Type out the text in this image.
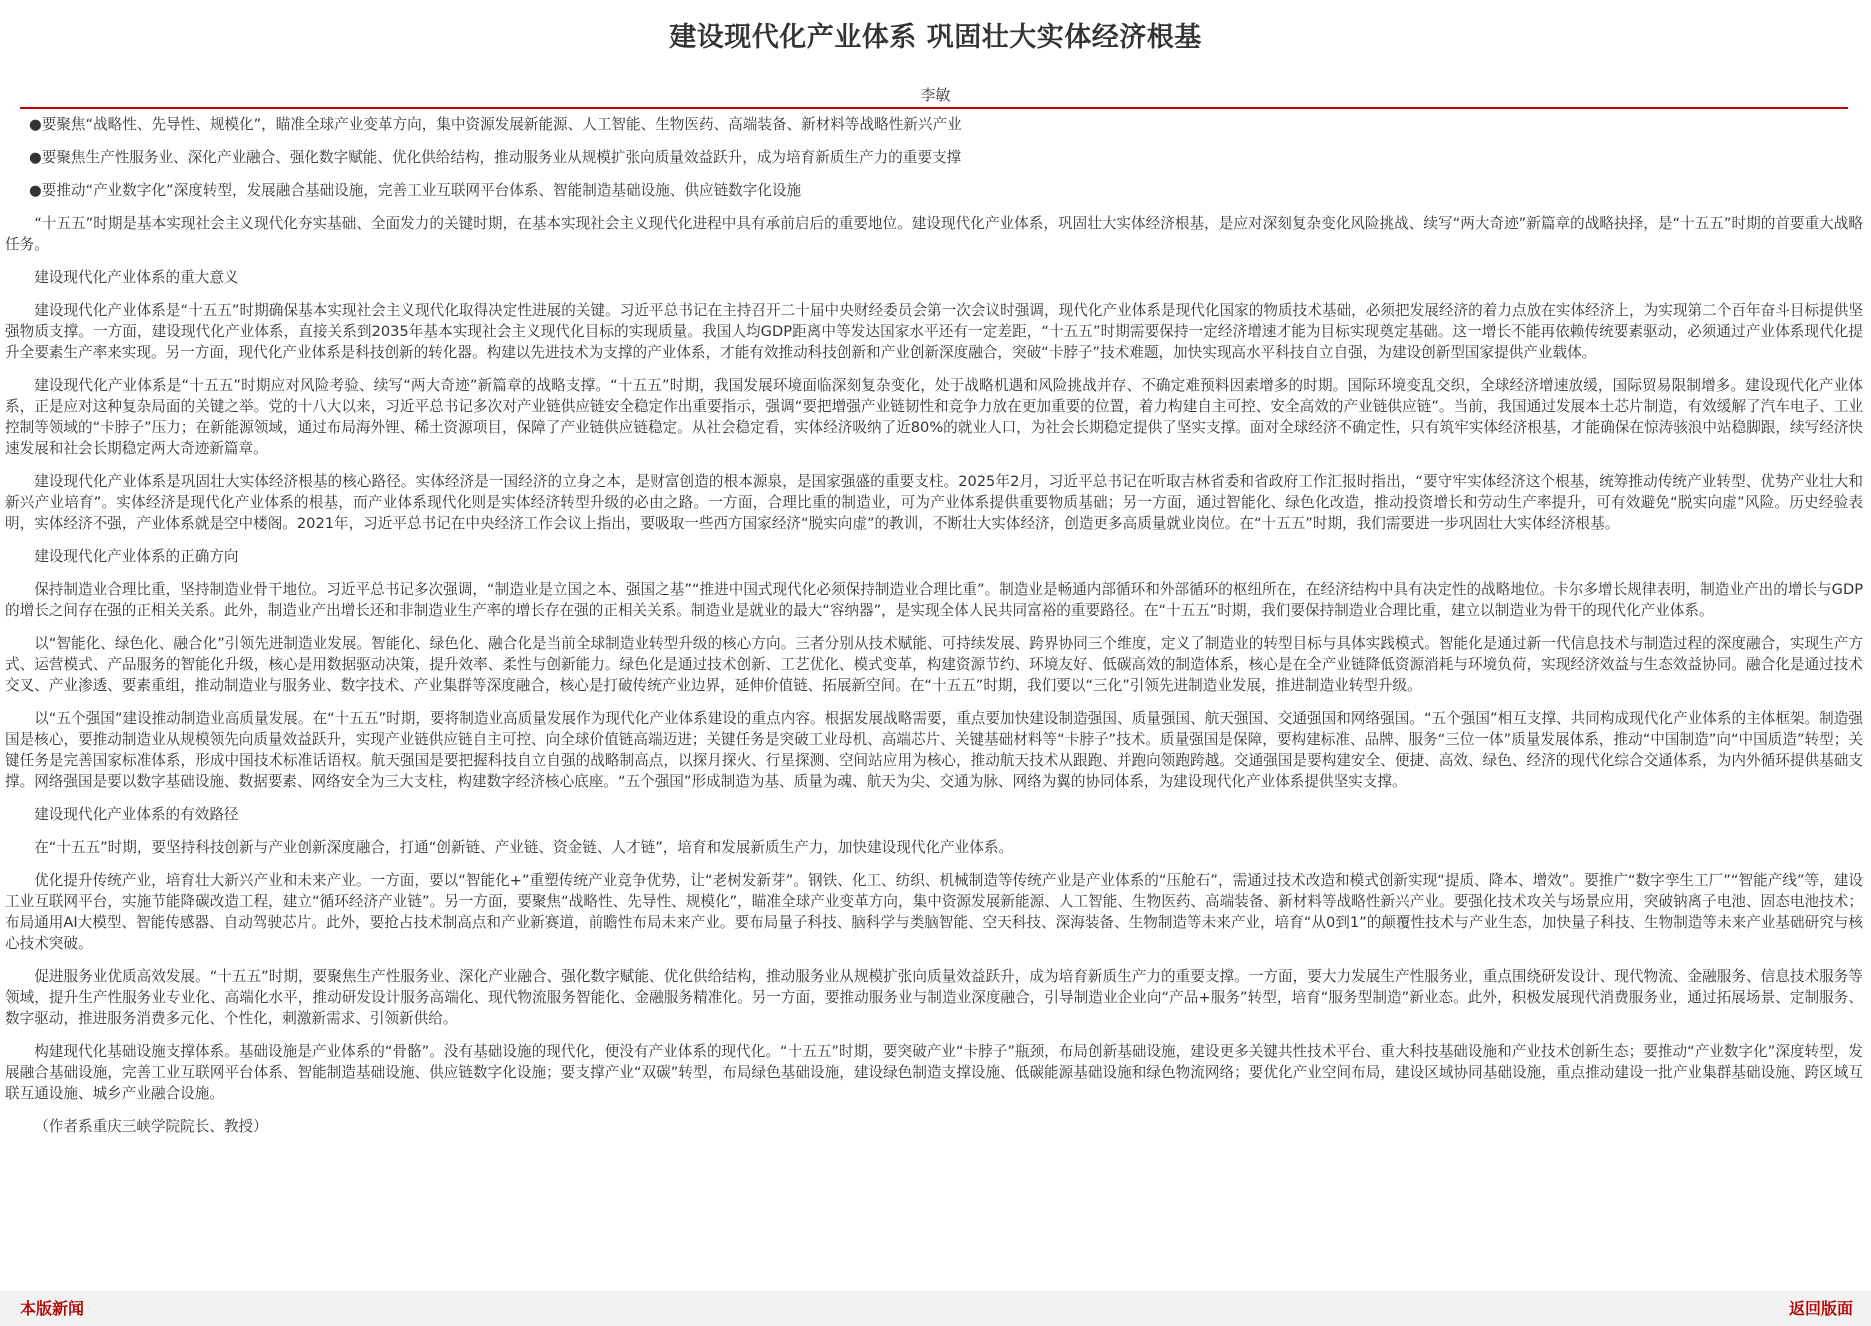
建设现代化产业体系 巩固壮大实体经济根基
李敏

●要聚焦“战略性、先导性、规模化”，瞄准全球产业变革方向，集中资源发展新能源、人工智能、生物医药、高端装备、新材料等战略性新兴产业

●要聚焦生产性服务业、深化产业融合、强化数字赋能、优化供给结构，推动服务业从规模扩张向质量效益跃升，成为培育新质生产力的重要支撑

●要推动“产业数字化”深度转型，发展融合基础设施，完善工业互联网平台体系、智能制造基础设施、供应链数字化设施

“十五五”时期是基本实现社会主义现代化夯实基础、全面发力的关键时期，在基本实现社会主义现代化进程中具有承前启后的重要地位。建设现代化产业体系，巩固壮大实体经济根基，是应对深刻复杂变化风险挑战、续写“两大奇迹”新篇章的战略抉择，是“十五五”时期的首要重大战略任务。

建设现代化产业体系的重大意义

建设现代化产业体系是“十五五”时期确保基本实现社会主义现代化取得决定性进展的关键。习近平总书记在主持召开二十届中央财经委员会第一次会议时强调，现代化产业体系是现代化国家的物质技术基础，必须把发展经济的着力点放在实体经济上，为实现第二个百年奋斗目标提供坚强物质支撑。一方面，建设现代化产业体系，直接关系到2035年基本实现社会主义现代化目标的实现质量。我国人均GDP距离中等发达国家水平还有一定差距，“十五五”时期需要保持一定经济增速才能为目标实现奠定基础。这一增长不能再依赖传统要素驱动，必须通过产业体系现代化提升全要素生产率来实现。另一方面，现代化产业体系是科技创新的转化器。构建以先进技术为支撑的产业体系，才能有效推动科技创新和产业创新深度融合，突破“卡脖子”技术难题，加快实现高水平科技自立自强，为建设创新型国家提供产业载体。

建设现代化产业体系是“十五五”时期应对风险考验、续写“两大奇迹”新篇章的战略支撑。“十五五”时期，我国发展环境面临深刻复杂变化，处于战略机遇和风险挑战并存、不确定难预料因素增多的时期。国际环境变乱交织，全球经济增速放缓，国际贸易限制增多。建设现代化产业体系，正是应对这种复杂局面的关键之举。党的十八大以来，习近平总书记多次对产业链供应链安全稳定作出重要指示，强调“要把增强产业链韧性和竞争力放在更加重要的位置，着力构建自主可控、安全高效的产业链供应链”。当前，我国通过发展本土芯片制造，有效缓解了汽车电子、工业控制等领域的“卡脖子”压力；在新能源领域，通过布局海外锂、稀土资源项目，保障了产业链供应链稳定。从社会稳定看，实体经济吸纳了近80%的就业人口，为社会长期稳定提供了坚实支撑。面对全球经济不确定性，只有筑牢实体经济根基，才能确保在惊涛骇浪中站稳脚跟，续写经济快速发展和社会长期稳定两大奇迹新篇章。

建设现代化产业体系是巩固壮大实体经济根基的核心路径。实体经济是一国经济的立身之本，是财富创造的根本源泉，是国家强盛的重要支柱。2025年2月，习近平总书记在听取吉林省委和省政府工作汇报时指出，“要守牢实体经济这个根基，统筹推动传统产业转型、优势产业壮大和新兴产业培育”。实体经济是现代化产业体系的根基，而产业体系现代化则是实体经济转型升级的必由之路。一方面，合理比重的制造业，可为产业体系提供重要物质基础；另一方面，通过智能化、绿色化改造，推动投资增长和劳动生产率提升，可有效避免“脱实向虚”风险。历史经验表明，实体经济不强，产业体系就是空中楼阁。2021年，习近平总书记在中央经济工作会议上指出，要吸取一些西方国家经济“脱实向虚”的教训，不断壮大实体经济，创造更多高质量就业岗位。在“十五五”时期，我们需要进一步巩固壮大实体经济根基。

建设现代化产业体系的正确方向

保持制造业合理比重，坚持制造业骨干地位。习近平总书记多次强调，“制造业是立国之本、强国之基”“推进中国式现代化必须保持制造业合理比重”。制造业是畅通内部循环和外部循环的枢纽所在，在经济结构中具有决定性的战略地位。卡尔多增长规律表明，制造业产出的增长与GDP的增长之间存在强的正相关关系。此外，制造业产出增长还和非制造业生产率的增长存在强的正相关关系。制造业是就业的最大“容纳器”，是实现全体人民共同富裕的重要路径。在“十五五”时期，我们要保持制造业合理比重，建立以制造业为骨干的现代化产业体系。

以“智能化、绿色化、融合化”引领先进制造业发展。智能化、绿色化、融合化是当前全球制造业转型升级的核心方向。三者分别从技术赋能、可持续发展、跨界协同三个维度，定义了制造业的转型目标与具体实践模式。智能化是通过新一代信息技术与制造过程的深度融合，实现生产方式、运营模式、产品服务的智能化升级，核心是用数据驱动决策，提升效率、柔性与创新能力。绿色化是通过技术创新、工艺优化、模式变革，构建资源节约、环境友好、低碳高效的制造体系，核心是在全产业链降低资源消耗与环境负荷，实现经济效益与生态效益协同。融合化是通过技术交叉、产业渗透、要素重组，推动制造业与服务业、数字技术、产业集群等深度融合，核心是打破传统产业边界，延伸价值链、拓展新空间。在“十五五”时期，我们要以“三化”引领先进制造业发展，推进制造业转型升级。

以“五个强国”建设推动制造业高质量发展。在“十五五”时期，要将制造业高质量发展作为现代化产业体系建设的重点内容。根据发展战略需要，重点要加快建设制造强国、质量强国、航天强国、交通强国和网络强国。“五个强国”相互支撑、共同构成现代化产业体系的主体框架。制造强国是核心，要推动制造业从规模领先向质量效益跃升，实现产业链供应链自主可控、向全球价值链高端迈进；关键任务是突破工业母机、高端芯片、关键基础材料等“卡脖子”技术。质量强国是保障，要构建标准、品牌、服务“三位一体”质量发展体系，推动“中国制造”向“中国质造”转型；关键任务是完善国家标准体系，形成中国技术标准话语权。航天强国是要把握科技自立自强的战略制高点，以探月探火、行星探测、空间站应用为核心，推动航天技术从跟跑、并跑向领跑跨越。交通强国是要构建安全、便捷、高效、绿色、经济的现代化综合交通体系，为内外循环提供基础支撑。网络强国是要以数字基础设施、数据要素、网络安全为三大支柱，构建数字经济核心底座。“五个强国”形成制造为基、质量为魂、航天为尖、交通为脉、网络为翼的协同体系，为建设现代化产业体系提供坚实支撑。

建设现代化产业体系的有效路径

在“十五五”时期，要坚持科技创新与产业创新深度融合，打通“创新链、产业链、资金链、人才链”，培育和发展新质生产力，加快建设现代化产业体系。

优化提升传统产业，培育壮大新兴产业和未来产业。一方面，要以“智能化+”重塑传统产业竞争优势，让“老树发新芽”。钢铁、化工、纺织、机械制造等传统产业是产业体系的“压舱石”，需通过技术改造和模式创新实现“提质、降本、增效”。要推广“数字孪生工厂”“智能产线”等，建设工业互联网平台，实施节能降碳改造工程，建立“循环经济产业链”。另一方面，要聚焦“战略性、先导性、规模化”，瞄准全球产业变革方向，集中资源发展新能源、人工智能、生物医药、高端装备、新材料等战略性新兴产业。要强化技术攻关与场景应用，突破钠离子电池、固态电池技术；布局通用AI大模型、智能传感器、自动驾驶芯片。此外，要抢占技术制高点和产业新赛道，前瞻性布局未来产业。要布局量子科技、脑科学与类脑智能、空天科技、深海装备、生物制造等未来产业，培育“从0到1”的颠覆性技术与产业生态，加快量子科技、生物制造等未来产业基础研究与核心技术突破。

促进服务业优质高效发展。“十五五”时期，要聚焦生产性服务业、深化产业融合、强化数字赋能、优化供给结构，推动服务业从规模扩张向质量效益跃升，成为培育新质生产力的重要支撑。一方面，要大力发展生产性服务业，重点围绕研发设计、现代物流、金融服务、信息技术服务等领域，提升生产性服务业专业化、高端化水平，推动研发设计服务高端化、现代物流服务智能化、金融服务精准化。另一方面，要推动服务业与制造业深度融合，引导制造业企业向“产品+服务”转型，培育“服务型制造”新业态。此外，积极发展现代消费服务业，通过拓展场景、定制服务、数字驱动，推进服务消费多元化、个性化，刺激新需求、引领新供给。

构建现代化基础设施支撑体系。基础设施是产业体系的“骨骼”。没有基础设施的现代化，便没有产业体系的现代化。“十五五”时期，要突破产业“卡脖子”瓶颈，布局创新基础设施，建设更多关键共性技术平台、重大科技基础设施和产业技术创新生态；要推动“产业数字化”深度转型，发展融合基础设施，完善工业互联网平台体系、智能制造基础设施、供应链数字化设施；要支撑产业“双碳”转型，布局绿色基础设施，建设绿色制造支撑设施、低碳能源基础设施和绿色物流网络；要优化产业空间布局，建设区域协同基础设施，重点推动建设一批产业集群基础设施、跨区域互联互通设施、城乡产业融合设施。

（作者系重庆三峡学院院长、教授）

本版新闻	返回版面
